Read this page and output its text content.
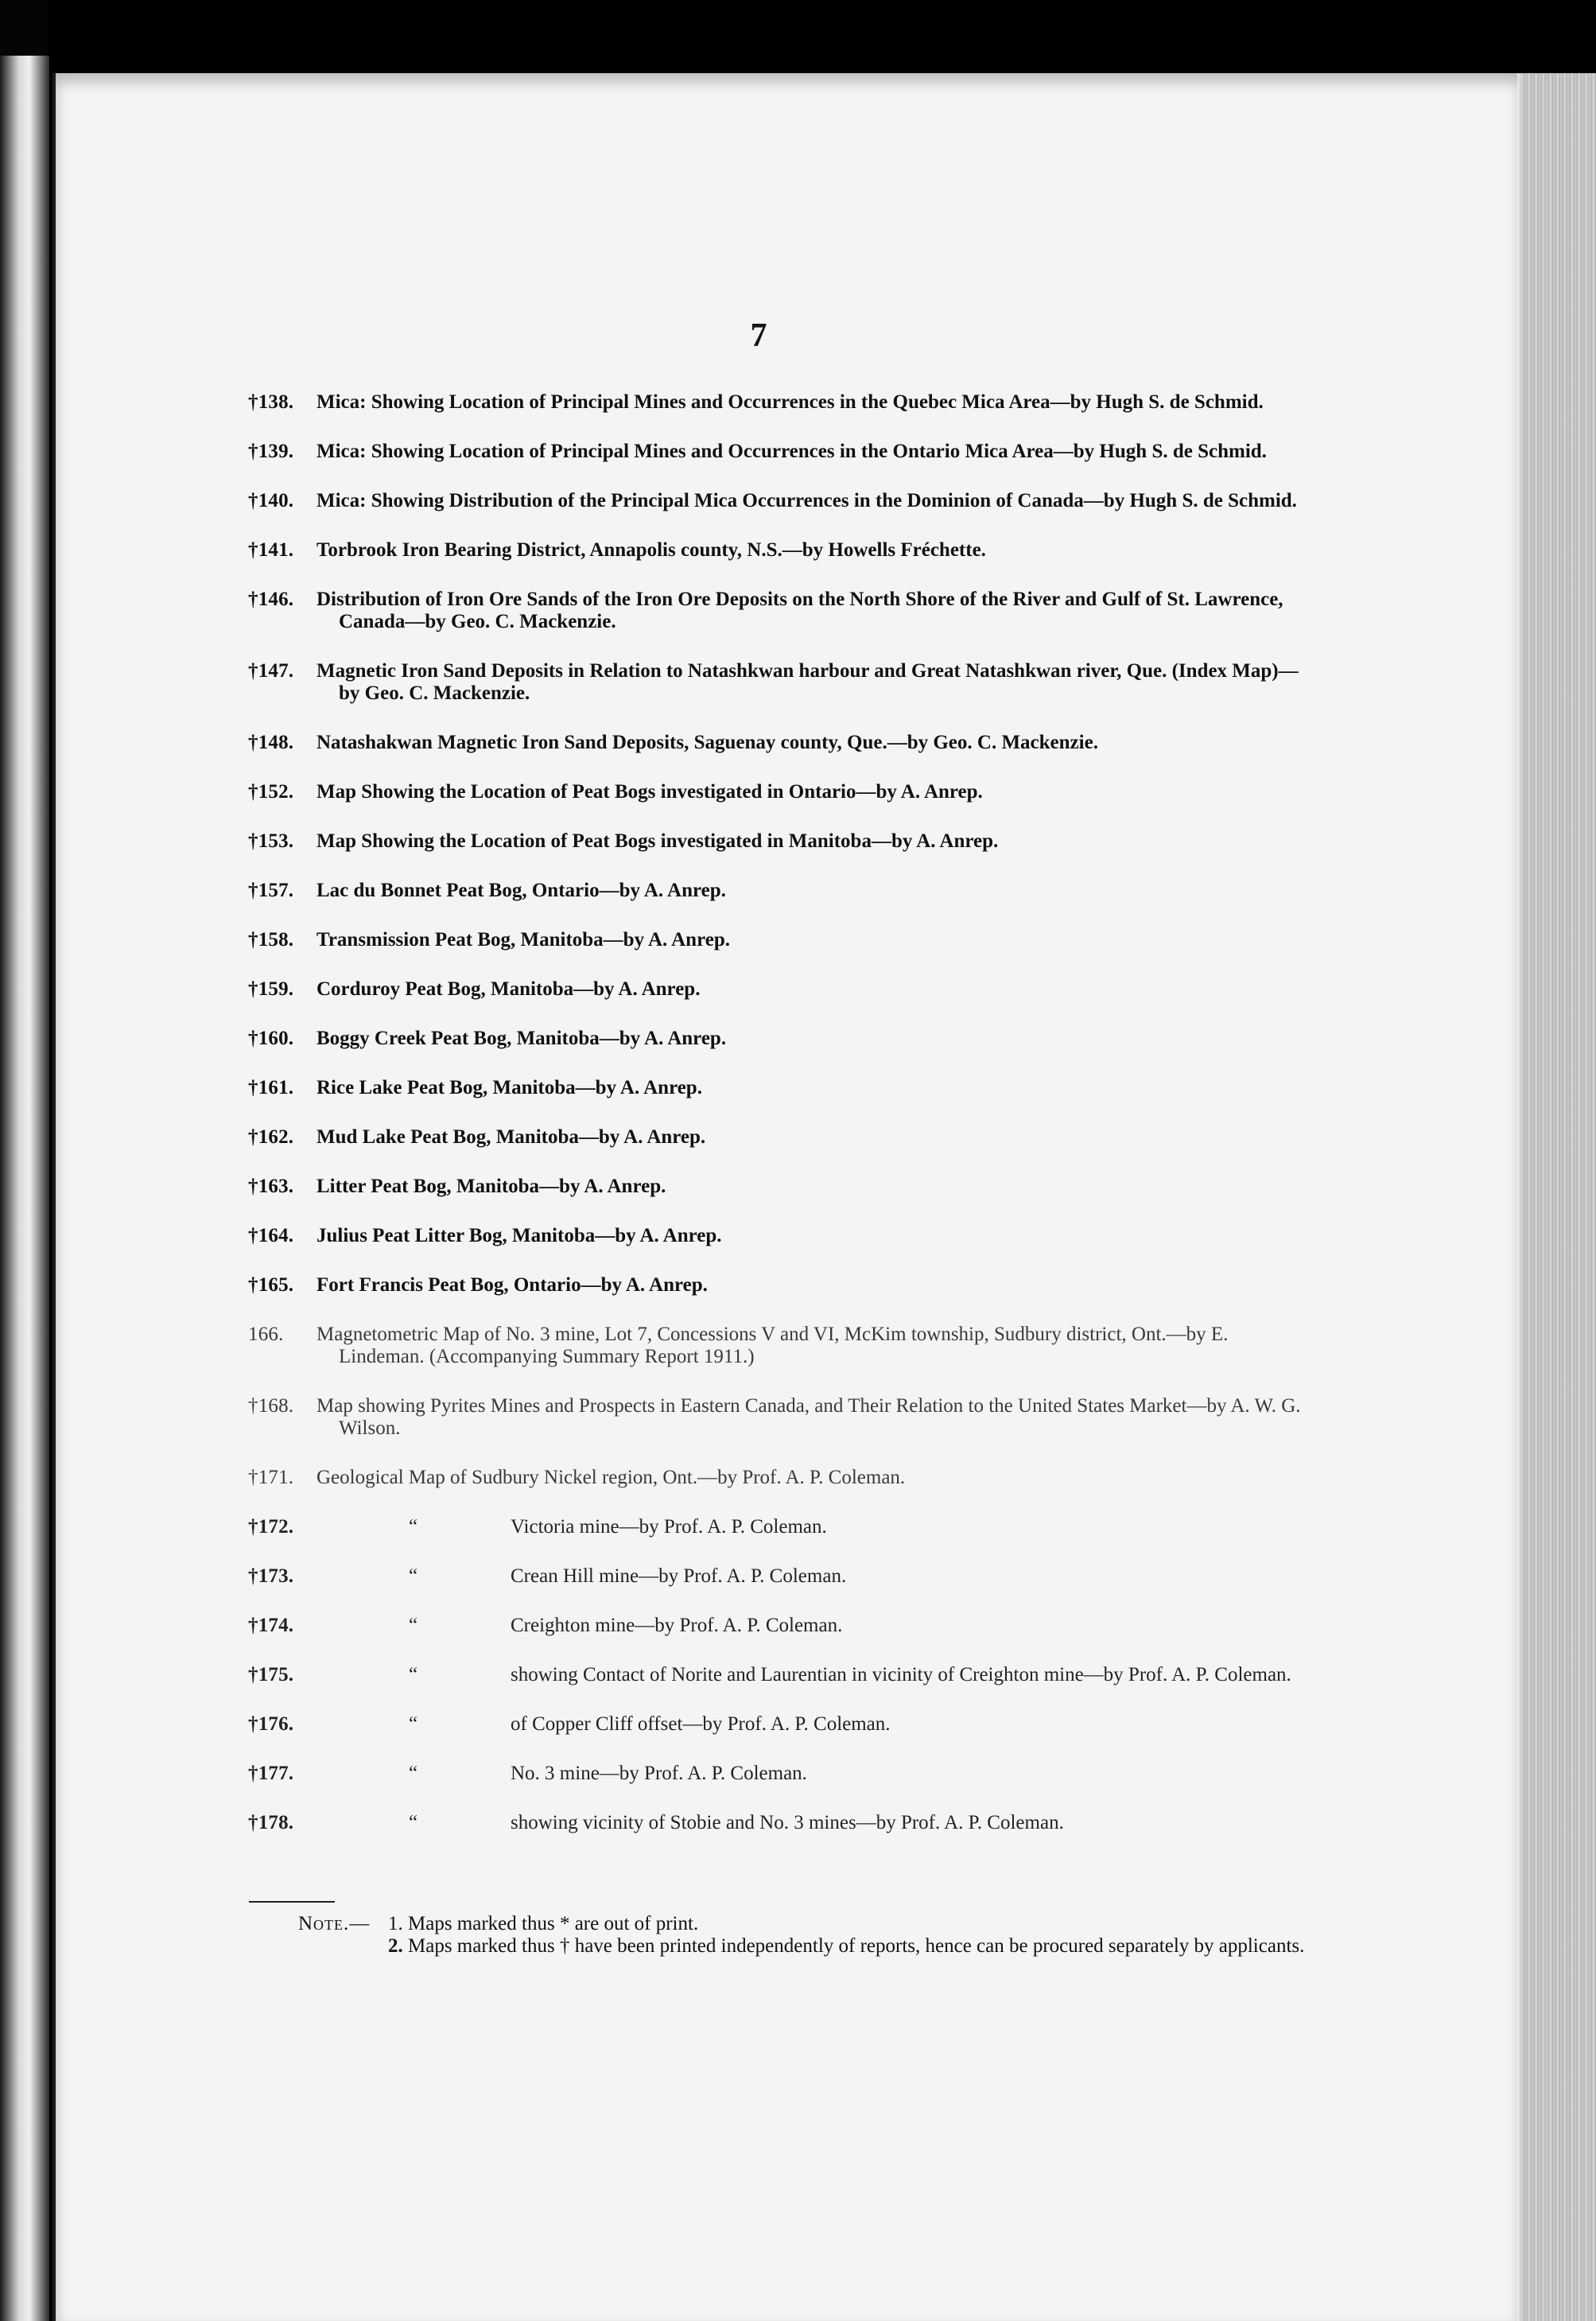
7
†138.	Mica: Showing Location of Principal Mines and Occurrences in the Quebec Mica Area—by Hugh S. de Schmid.
†139.	Mica: Showing Location of Principal Mines and Occurrences in the Ontario Mica Area—by Hugh S. de Schmid.
†140.	Mica: Showing Distribution of the Principal Mica Occurrences in the Dominion of Canada—by Hugh S. de Schmid.
†141.	Torbrook Iron Bearing District, Annapolis county, N.S.—by Howells Fréchette.
†146.	Distribution of Iron Ore Sands of the Iron Ore Deposits on the North Shore of the River and Gulf of St. Lawrence, Canada—by Geo. C. Mackenzie.
†147.	Magnetic Iron Sand Deposits in Relation to Natashkwan harbour and Great Natashkwan river, Que. (Index Map)—by Geo. C. Mackenzie.
†148.	Natashakwan Magnetic Iron Sand Deposits, Saguenay county, Que.—by Geo. C. Mackenzie.
†152.	Map Showing the Location of Peat Bogs investigated in Ontario—by A. Anrep.
†153.	Map Showing the Location of Peat Bogs investigated in Manitoba—by A. Anrep.
†157.	Lac du Bonnet Peat Bog, Ontario—by A. Anrep.
†158.	Transmission Peat Bog, Manitoba—by A. Anrep.
†159.	Corduroy Peat Bog, Manitoba—by A. Anrep.
†160.	Boggy Creek Peat Bog, Manitoba—by A. Anrep.
†161.	Rice Lake Peat Bog, Manitoba—by A. Anrep.
†162.	Mud Lake Peat Bog, Manitoba—by A. Anrep.
†163.	Litter Peat Bog, Manitoba—by A. Anrep.
†164.	Julius Peat Litter Bog, Manitoba—by A. Anrep.
†165.	Fort Francis Peat Bog, Ontario—by A. Anrep.
166.	Magnetometric Map of No. 3 mine, Lot 7, Concessions V and VI, McKim township, Sudbury district, Ont.—by E. Lindeman. (Accompanying Summary Report 1911.)
†168.	Map showing Pyrites Mines and Prospects in Eastern Canada, and Their Relation to the United States Market—by A. W. G. Wilson.
†171.	Geological Map of Sudbury Nickel region, Ont.—by Prof. A. P. Coleman.
†172.	“	Victoria mine—by Prof. A. P. Coleman.
†173.	“	Crean Hill mine—by Prof. A. P. Coleman.
†174.	“	Creighton mine—by Prof. A. P. Coleman.
†175.	“	showing Contact of Norite and Laurentian in vicinity of Creighton mine—by Prof. A. P. Coleman.
†176.	“	of Copper Cliff offset—by Prof. A. P. Coleman.
†177.	“	No. 3 mine—by Prof. A. P. Coleman.
†178.	“	showing vicinity of Stobie and No. 3 mines—by Prof. A. P. Coleman.
Note.— 1. Maps marked thus * are out of print.
2. Maps marked thus † have been printed independently of reports, hence can be procured separately by applicants.
